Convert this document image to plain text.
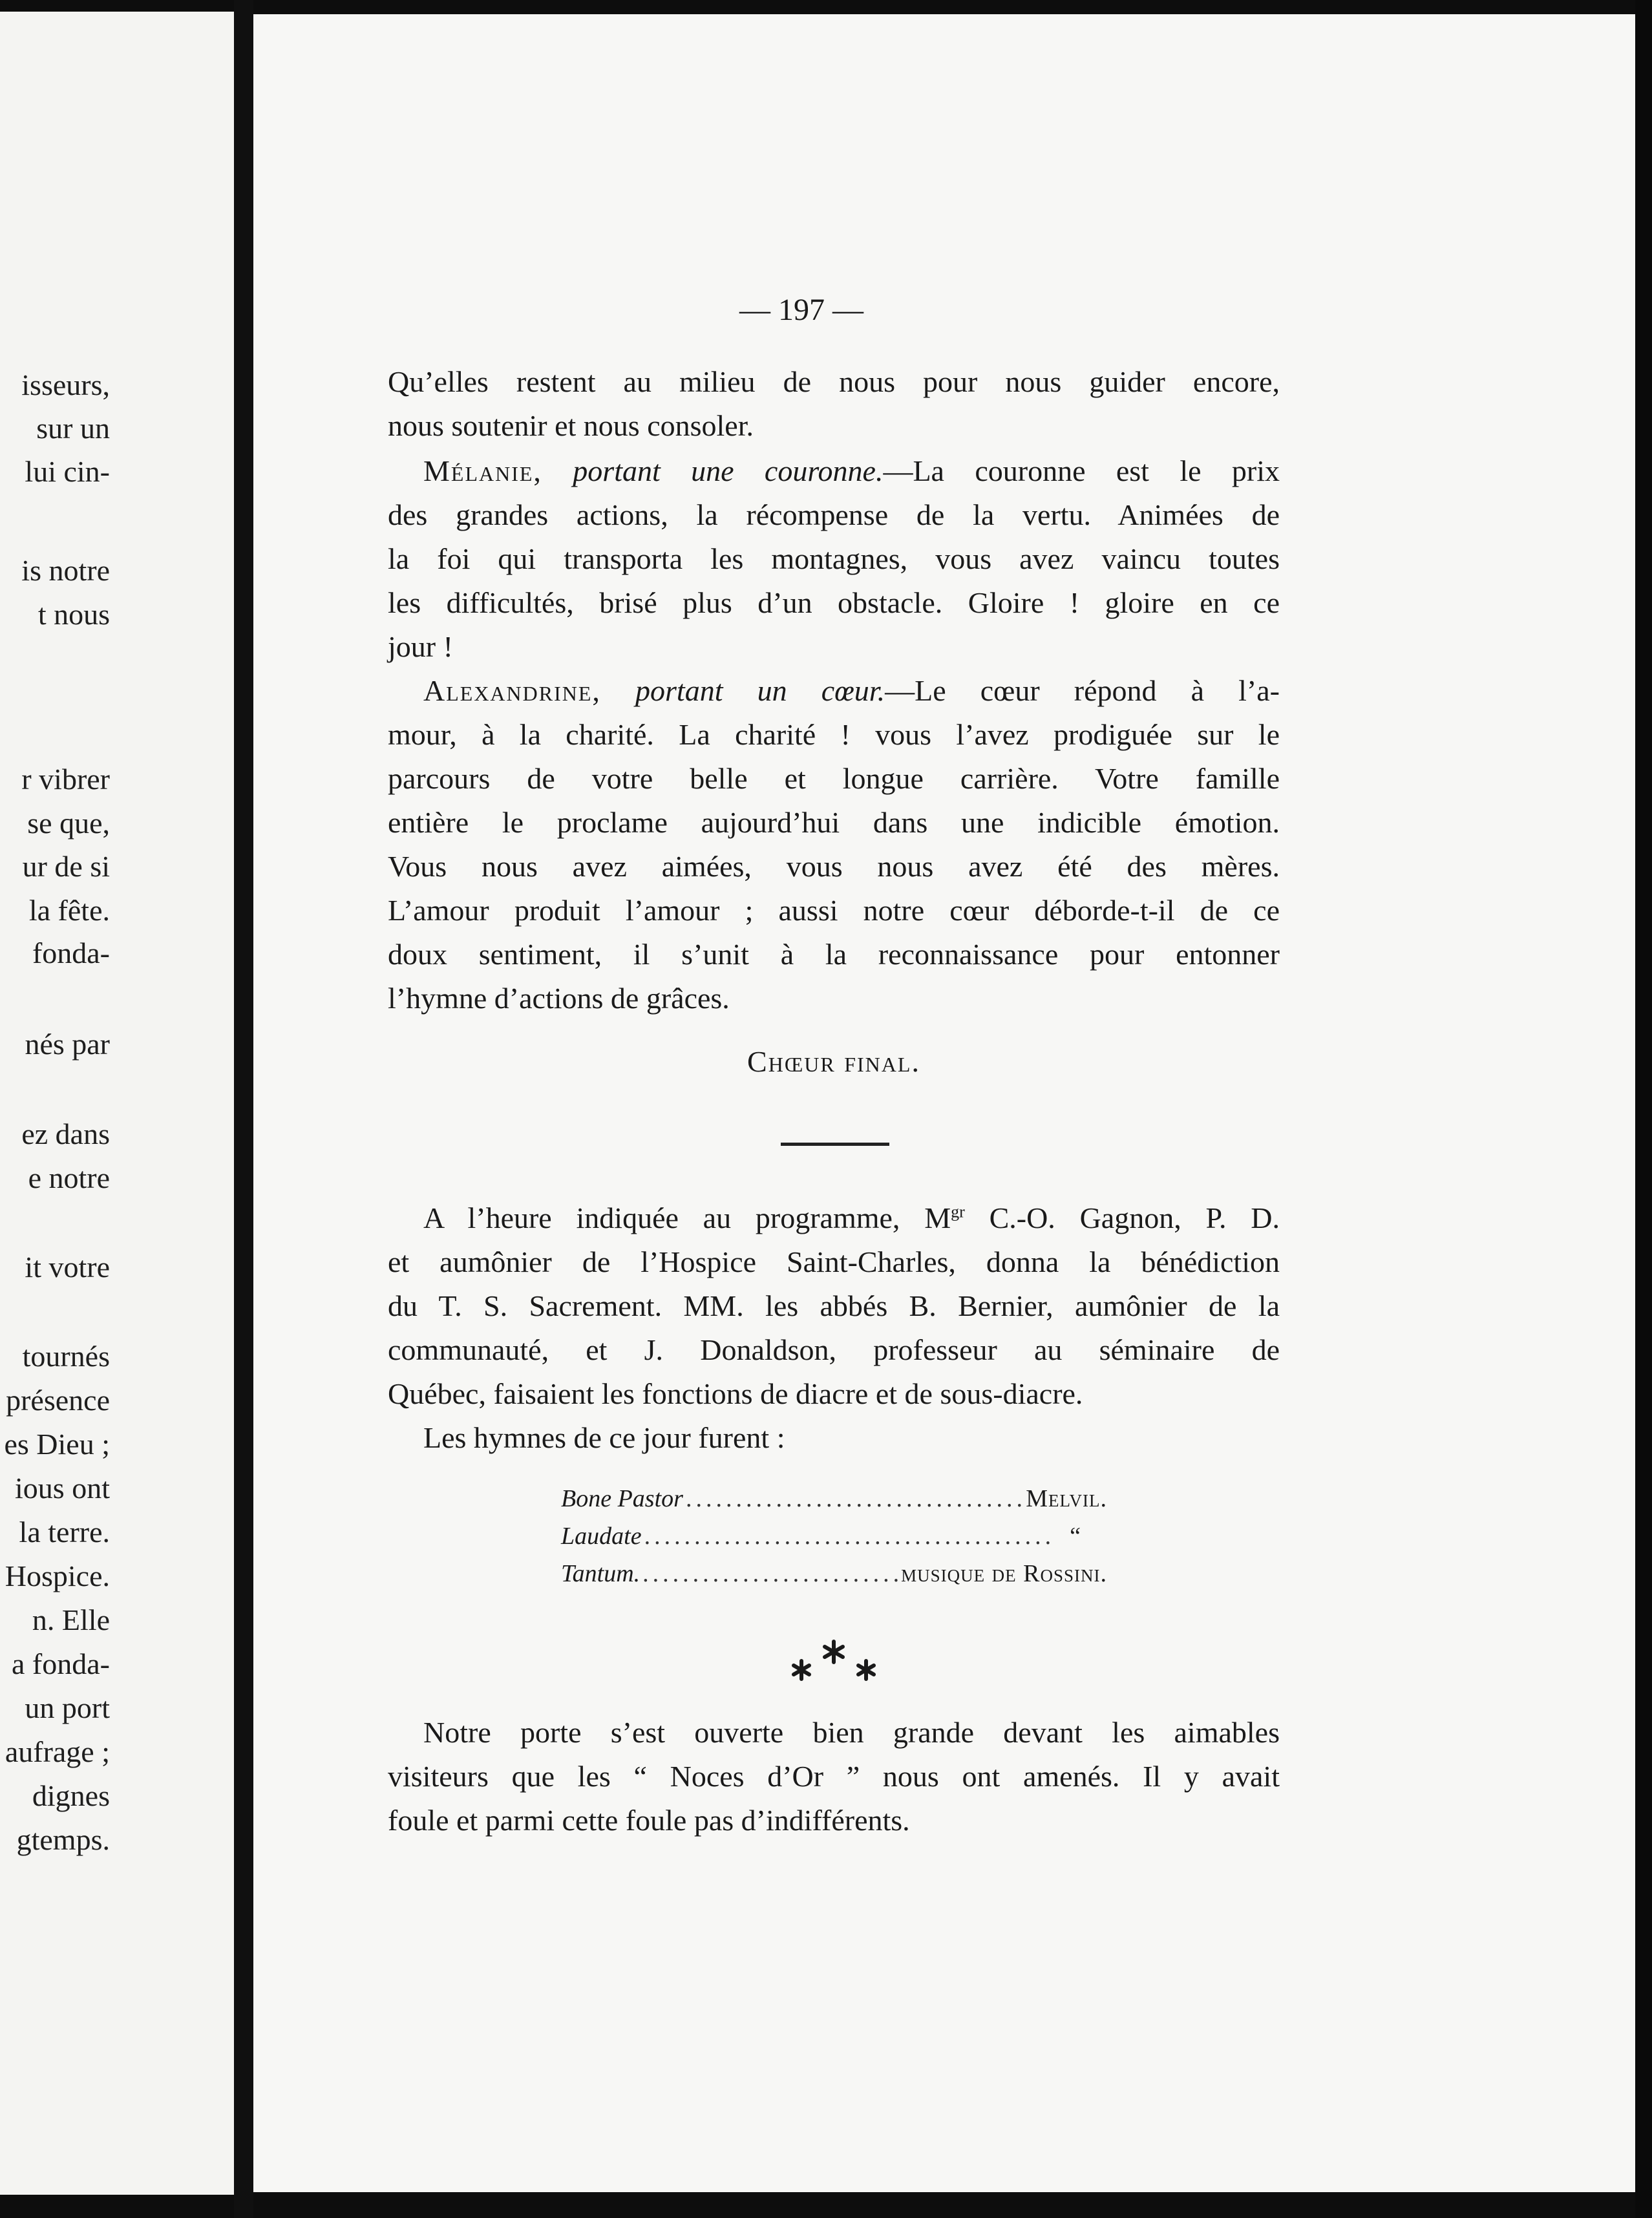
isseurs,
sur un
lui cin-
is notre
t nous
r vibrer
se que,
ur de si
la fête.
fonda-
nés par
ez dans
e notre
it votre
tournés
présence
es Dieu ;
ious ont
la terre.
Hospice.
n. Elle
a fonda-
un port
aufrage ;
dignes
gtemps.
— 197 —
Qu’elles restent au milieu de nous pour nous guider encore,
nous soutenir et nous consoler.
Mélanie, portant une couronne.—La couronne est le prix
des grandes actions, la récompense de la vertu. Animées de
la foi qui transporta les montagnes, vous avez vaincu toutes
les difficultés, brisé plus d’un obstacle. Gloire ! gloire en ce
jour !
Alexandrine, portant un cœur.—Le cœur répond à l’a-
mour, à la charité. La charité ! vous l’avez prodiguée sur le
parcours de votre belle et longue carrière. Votre famille
entière le proclame aujourd’hui dans une indicible émotion.
Vous nous avez aimées, vous nous avez été des mères.
L’amour produit l’amour ; aussi notre cœur déborde-t-il de ce
doux sentiment, il s’unit à la reconnaissance pour entonner
l’hymne d’actions de grâces.
Chœur final.
A l’heure indiquée au programme, $M^{gr}$ C.-O. Gagnon, P. D.
et aumônier de l’Hospice Saint-Charles, donna la bénédiction
du T. S. Sacrement. MM. les abbés B. Bernier, aumônier de la
communauté, et J. Donaldson, professeur au séminaire de
Québec, faisaient les fonctions de diacre et de sous-diacre.
Les hymnes de ce jour furent :
Bone Pastor .....	Melvil.
Laudate .....	“
Tantum. .....	musique de Rossini.
Notre porte s’est ouverte bien grande devant les aimables
visiteurs que les “ Noces d’Or ” nous ont amenés. Il y avait
foule et parmi cette foule pas d’indifférents.
